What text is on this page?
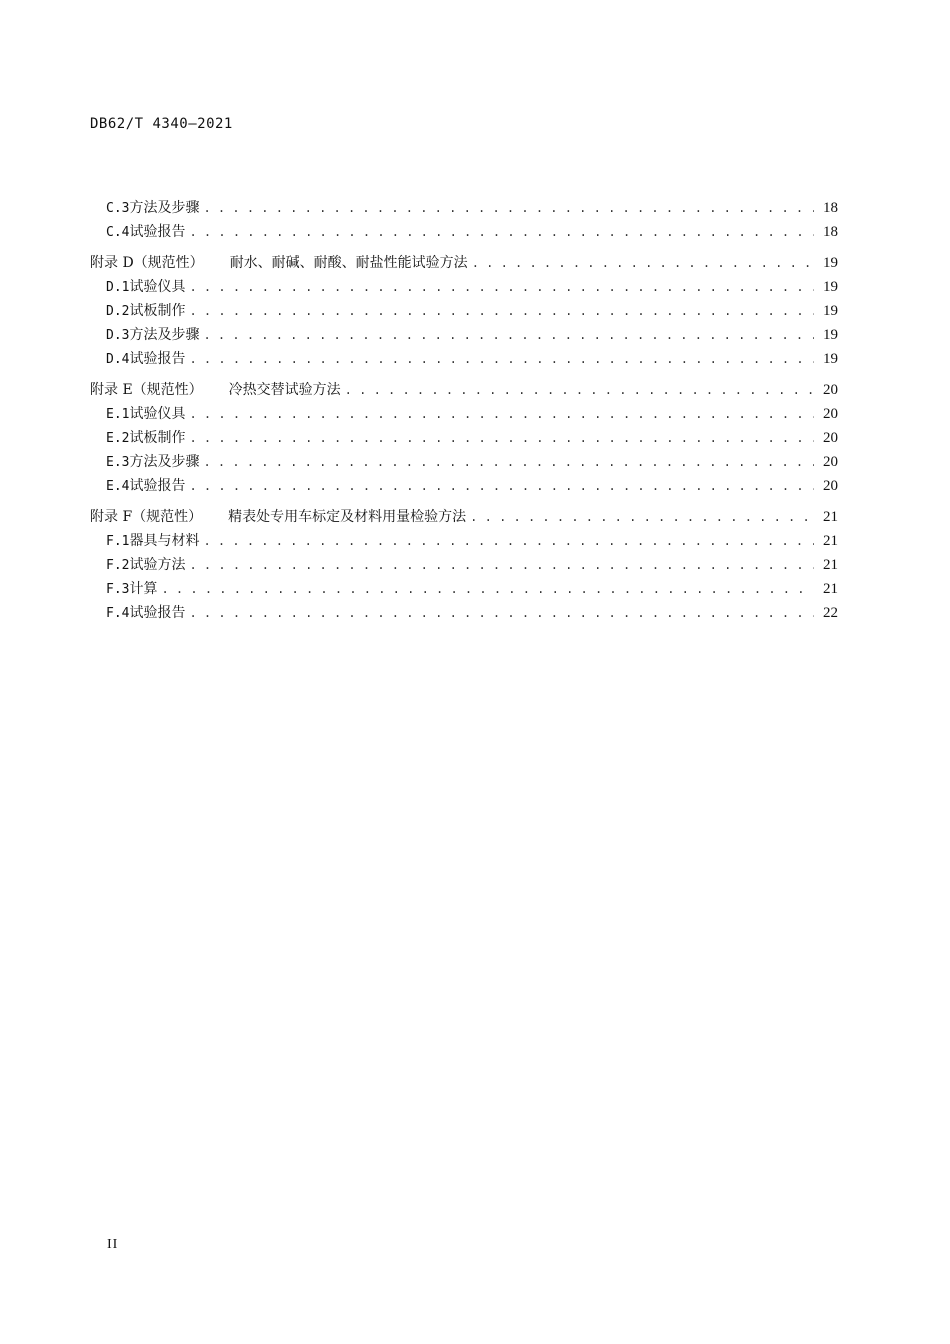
DB62/T 4340—2021
C.3 方法及步骤 . . .	18
C.4 试验报告 . . .	18
附录 D（规范性）	耐水、耐碱、耐酸、耐盐性能试验方法 . . .	19
D.1 试验仪具 . . .	19
D.2 试板制作 . . .	19
D.3 方法及步骤 . . .	19
D.4 试验报告 . . .	19
附录 E（规范性）	冷热交替试验方法 . . .	20
E.1 试验仪具 . . .	20
E.2 试板制作 . . .	20
E.3 方法及步骤 . . .	20
E.4 试验报告 . . .	20
附录 F（规范性）	精表处专用车标定及材料用量检验方法 . . .	21
F.1 器具与材料 . . .	21
F.2 试验方法 . . .	21
F.3 计算 . . .	21
F.4 试验报告 . . .	22
II
